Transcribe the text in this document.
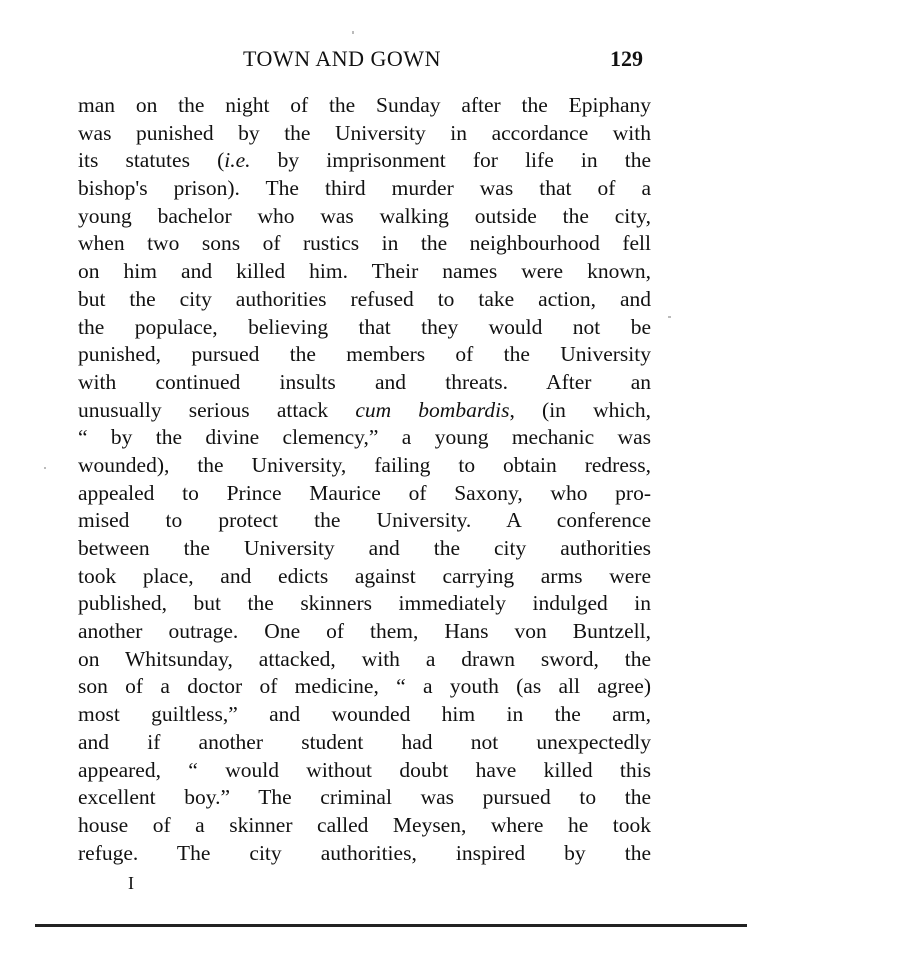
TOWN AND GOWN	129
man on the night of the Sunday after the Epiphany
was punished by the University in accordance with
its statutes (i.e. by imprisonment for life in the
bishop's prison). The third murder was that of a
young bachelor who was walking outside the city,
when two sons of rustics in the neighbourhood fell
on him and killed him. Their names were known,
but the city authorities refused to take action, and
the populace, believing that they would not be
punished, pursued the members of the University
with continued insults and threats. After an
unusually serious attack cum bombardis, (in which,
“ by the divine clemency,” a young mechanic was
wounded), the University, failing to obtain redress,
appealed to Prince Maurice of Saxony, who pro-
mised to protect the University. A conference
between the University and the city authorities
took place, and edicts against carrying arms were
published, but the skinners immediately indulged in
another outrage. One of them, Hans von Buntzell,
on Whitsunday, attacked, with a drawn sword, the
son of a doctor of medicine, “ a youth (as all agree)
most guiltless,” and wounded him in the arm,
and if another student had not unexpectedly
appeared, “ would without doubt have killed this
excellent boy.” The criminal was pursued to the
house of a skinner called Meysen, where he took
refuge. The city authorities, inspired by the
I
